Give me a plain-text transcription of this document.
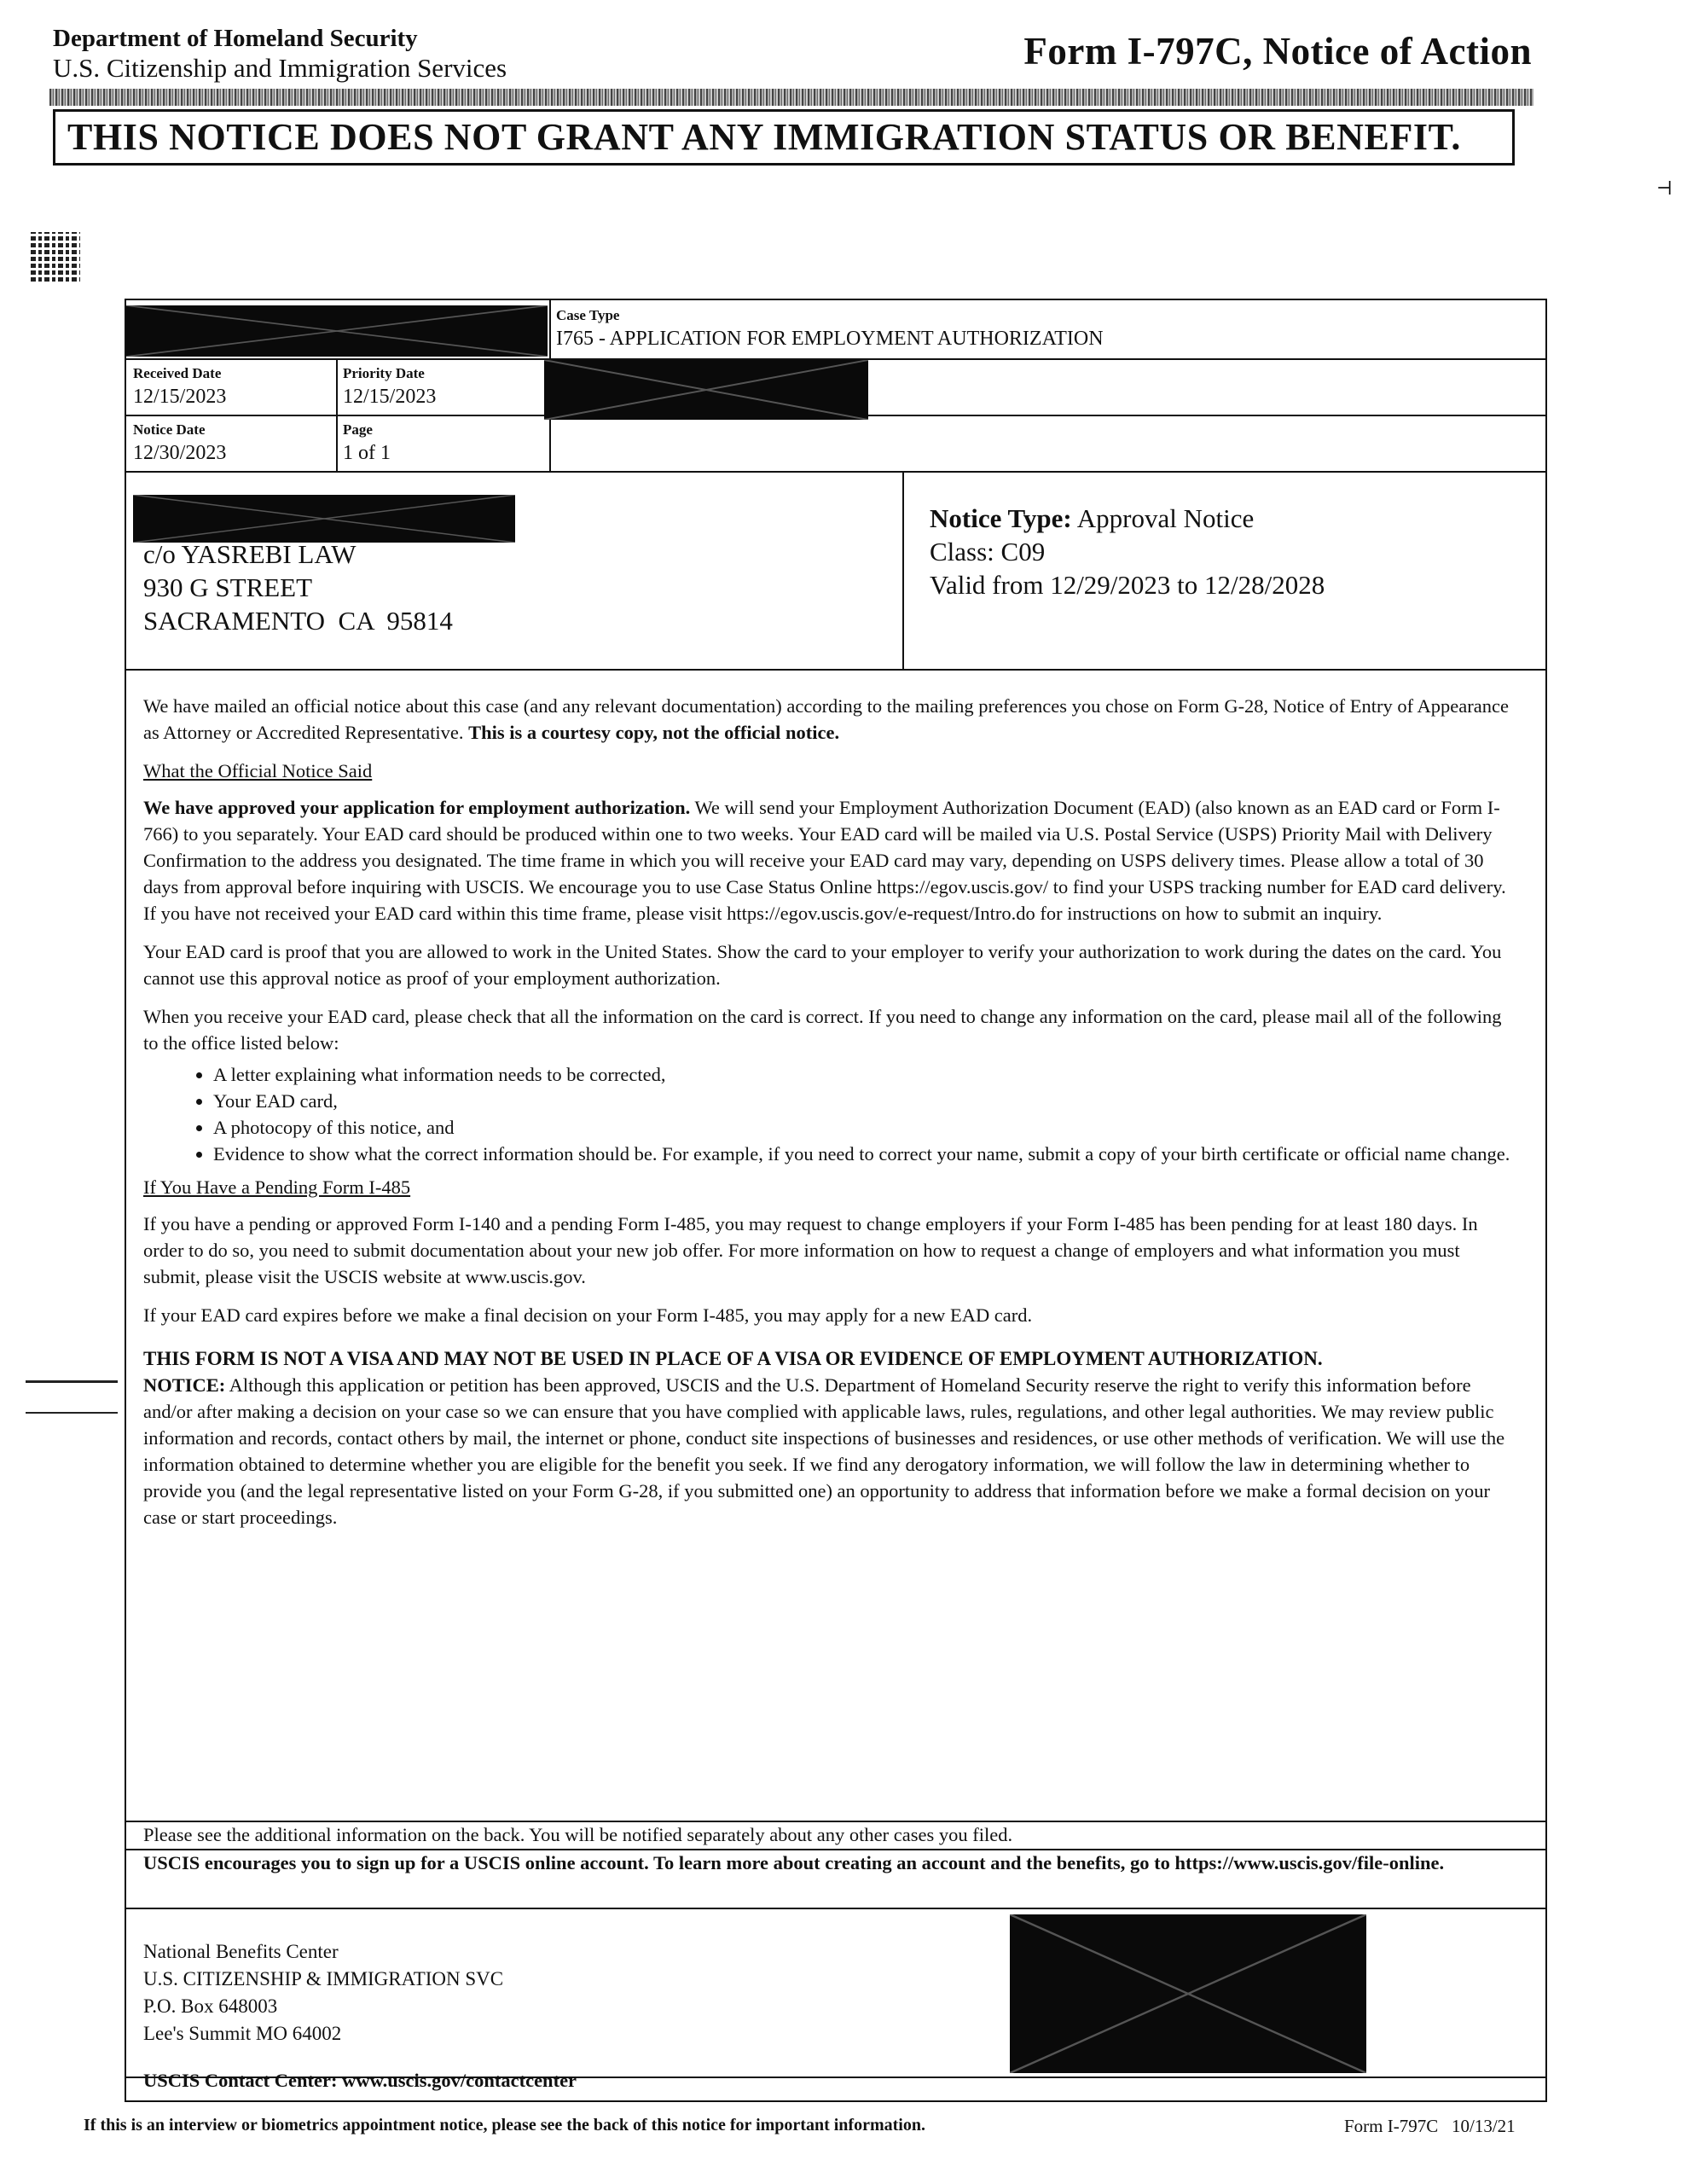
Department of Homeland Security
U.S. Citizenship and Immigration Services	Form I-797C, Notice of Action
THIS NOTICE DOES NOT GRANT ANY IMMIGRATION STATUS OR BENEFIT.
⊣
Case Type
I765 - APPLICATION FOR EMPLOYMENT AUTHORIZATION
Received Date
12/15/2023
Priority Date
12/15/2023
Notice Date
12/30/2023
Page
1 of 1
c/o YASREBI LAW
930 G STREET
SACRAMENTO  CA  95814
Notice Type: Approval Notice
Class: C09
Valid from 12/29/2023 to 12/28/2028

We have mailed an official notice about this case (and any relevant documentation) according to the mailing preferences you chose on Form G-28, Notice of Entry of Appearance as Attorney or Accredited Representative. This is a courtesy copy, not the official notice.

What the Official Notice Said

We have approved your application for employment authorization. We will send your Employment Authorization Document (EAD) (also known as an EAD card or Form I-766) to you separately. Your EAD card should be produced within one to two weeks. Your EAD card will be mailed via U.S. Postal Service (USPS) Priority Mail with Delivery Confirmation to the address you designated. The time frame in which you will receive your EAD card may vary, depending on USPS delivery times. Please allow a total of 30 days from approval before inquiring with USCIS. We encourage you to use Case Status Online https://egov.uscis.gov/ to find your USPS tracking number for EAD card delivery. If you have not received your EAD card within this time frame, please visit https://egov.uscis.gov/e-request/Intro.do for instructions on how to submit an inquiry.

Your EAD card is proof that you are allowed to work in the United States. Show the card to your employer to verify your authorization to work during the dates on the card. You cannot use this approval notice as proof of your employment authorization.

When you receive your EAD card, please check that all the information on the card is correct. If you need to change any information on the card, please mail all of the following to the office listed below:

• A letter explaining what information needs to be corrected,
• Your EAD card,
• A photocopy of this notice, and
• Evidence to show what the correct information should be. For example, if you need to correct your name, submit a copy of your birth certificate or official name change.

If You Have a Pending Form I-485

If you have a pending or approved Form I-140 and a pending Form I-485, you may request to change employers if your Form I-485 has been pending for at least 180 days. In order to do so, you need to submit documentation about your new job offer. For more information on how to request a change of employers and what information you must submit, please visit the USCIS website at www.uscis.gov.

If your EAD card expires before we make a final decision on your Form I-485, you may apply for a new EAD card.

THIS FORM IS NOT A VISA AND MAY NOT BE USED IN PLACE OF A VISA OR EVIDENCE OF EMPLOYMENT AUTHORIZATION.

NOTICE: Although this application or petition has been approved, USCIS and the U.S. Department of Homeland Security reserve the right to verify this information before and/or after making a decision on your case so we can ensure that you have complied with applicable laws, rules, regulations, and other legal authorities. We may review public information and records, contact others by mail, the internet or phone, conduct site inspections of businesses and residences, or use other methods of verification. We will use the information obtained to determine whether you are eligible for the benefit you seek. If we find any derogatory information, we will follow the law in determining whether to provide you (and the legal representative listed on your Form G-28, if you submitted one) an opportunity to address that information before we make a formal decision on your case or start proceedings.

Please see the additional information on the back. You will be notified separately about any other cases you filed.
USCIS encourages you to sign up for a USCIS online account. To learn more about creating an account and the benefits, go to https://www.uscis.gov/file-online.
National Benefits Center
U.S. CITIZENSHIP & IMMIGRATION SVC
P.O. Box 648003
Lee's Summit MO 64002
USCIS Contact Center: www.uscis.gov/contactcenter
If this is an interview or biometrics appointment notice, please see the back of this notice for important information.	Form I-797C   10/13/21
